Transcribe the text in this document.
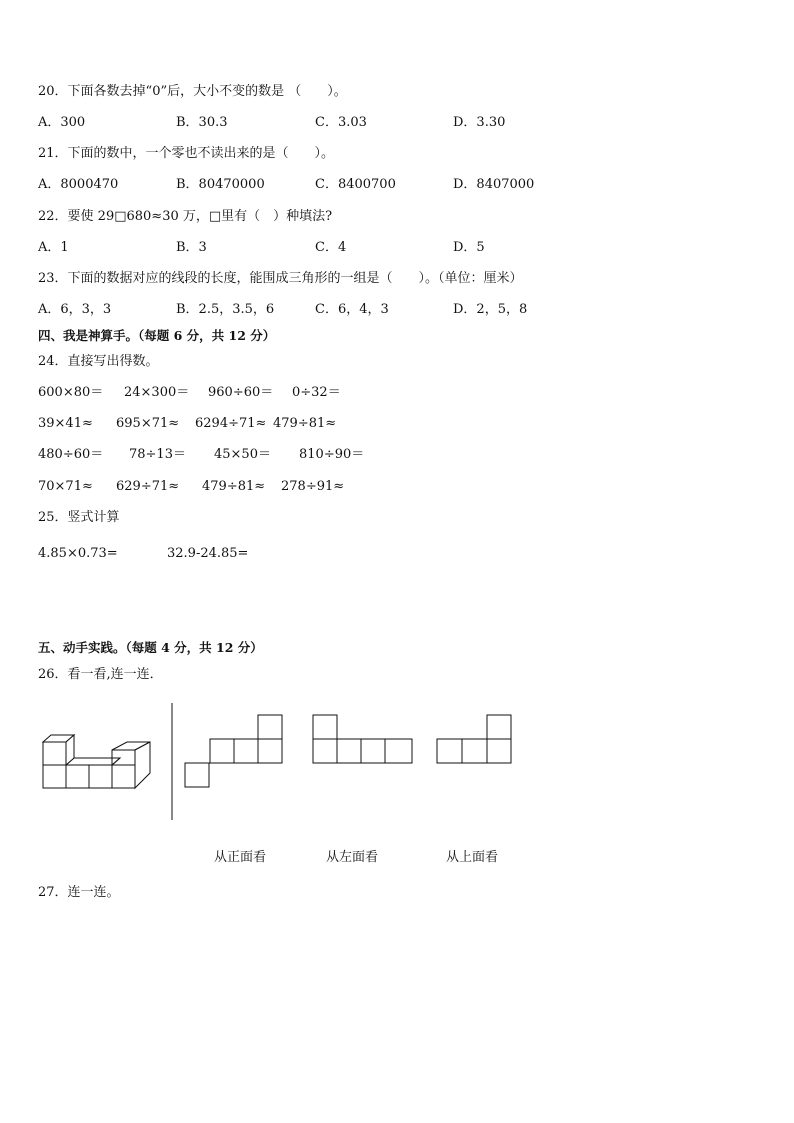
20．下面各数去掉“0”后，大小不变的数是 （　　）。
A．300	B．30.3	C．3.03	D．3.30
21．下面的数中，一个零也不读出来的是（　　）。
A．8000470	B．80470000	C．8400700	D．8407000
22．要使 29□680≈30 万，□里有（　）种填法?
A．1	B．3	C．4	D．5
23．下面的数据对应的线段的长度，能围成三角形的一组是（　　）。（单位：厘米）
A．6，3，3	B．2.5，3.5，6	C．6，4，3	D．2，5，8
四、我是神算手。（每题 6 分，共 12 分）
24．直接写出得数。
600×80＝ 24×300＝ 960÷60＝ 0÷32＝
39×41≈ 695×71≈ 6294÷71≈ 479÷81≈
480÷60＝ 78÷13＝ 45×50＝ 810÷90＝
70×71≈ 629÷71≈ 479÷81≈ 278÷91≈
25．竖式计算
4.85×0.73=	32.9-24.85=
五、动手实践。（每题 4 分，共 12 分）
26．看一看,连一连．
从正面看	从左面看	从上面看
27．连一连。
